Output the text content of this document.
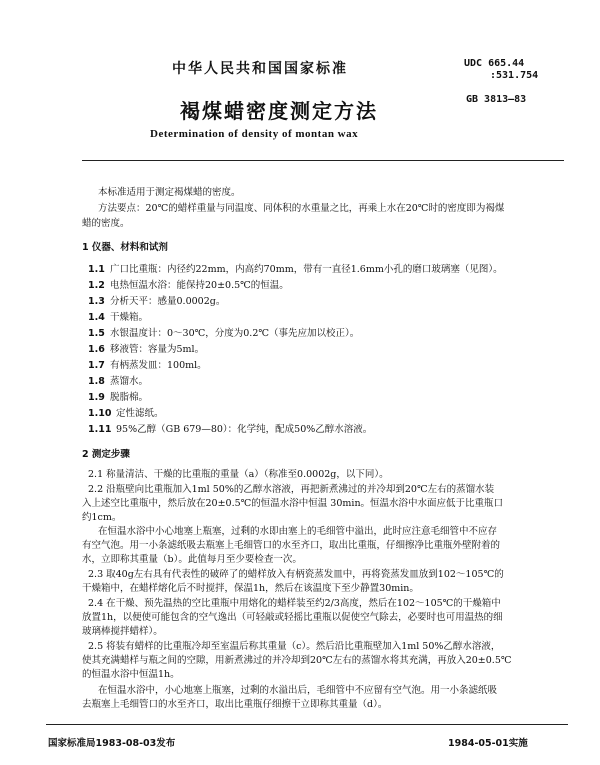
中华人民共和国国家标准	UDC 665.44
:531.754
褐煤蜡密度测定方法	GB 3813—83
Determination of density of montan wax
本标准适用于测定褐煤蜡的密度。
方法要点：20℃的蜡样重量与同温度、同体积的水重量之比，再乘上水在20℃时的密度即为褐煤
蜡的密度。
1 仪器、材料和试剂
1.1 广口比重瓶：内径约22mm，内高约70mm，带有一直径1.6mm小孔的磨口玻璃塞（见图）。
1.2 电热恒温水浴：能保持20±0.5℃的恒温。
1.3 分析天平：感量0.0002g。
1.4 干燥箱。
1.5 水银温度计：0～30℃，分度为0.2℃（事先应加以校正）。
1.6 移液管：容量为5ml。
1.7 有柄蒸发皿：100ml。
1.8 蒸馏水。
1.9 脱脂棉。
1.10 定性滤纸。
1.11 95%乙醇（GB 679—80）：化学纯，配成50%乙醇水溶液。
2 测定步骤
2.1 称量清洁、干燥的比重瓶的重量（a）（称准至0.0002g，以下同）。
2.2 沿瓶壁向比重瓶加入1ml 50%的乙醇水溶液，再把新煮沸过的并冷却到20℃左右的蒸馏水装
入上述空比重瓶中，然后放在20±0.5℃的恒温水浴中恒温 30min。恒温水浴中水面应低于比重瓶口
约1cm。
在恒温水浴中小心地塞上瓶塞，过剩的水即由塞上的毛细管中溢出，此时应注意毛细管中不应存
有空气泡。用一小条滤纸吸去瓶塞上毛细管口的水至齐口，取出比重瓶，仔细擦净比重瓶外壁附着的
水，立即称其重量（b）。此值每月至少要检查一次。
2.3 取40g左右具有代表性的破碎了的蜡样放入有柄瓷蒸发皿中，再将瓷蒸发皿放到102～105℃的
干燥箱中，在蜡样熔化后不时搅拌，保温1h，然后在该温度下至少静置30min。
2.4 在干燥、预先温热的空比重瓶中用熔化的蜡样装至约2/3高度，然后在102～105℃的干燥箱中
放置1h，以便使可能包含的空气逸出（可轻敲或轻摇比重瓶以促使空气除去，必要时也可用温热的细
玻璃棒搅拌蜡样）。
2.5 将装有蜡样的比重瓶冷却至室温后称其重量（c）。然后沿比重瓶壁加入1ml 50%乙醇水溶液，
使其充满蜡样与瓶之间的空隙，用新煮沸过的并冷却到20℃左右的蒸馏水将其充满，再放入20±0.5℃
的恒温水浴中恒温1h。
国家标准局1983-08-03发布	1984-05-01实施
在恒温水浴中，小心地塞上瓶塞，过剩的水溢出后，毛细管中不应留有空气泡。用一小条滤纸吸
去瓶塞上毛细管口的水至齐口，取出比重瓶仔细擦干立即称其重量（d）。
